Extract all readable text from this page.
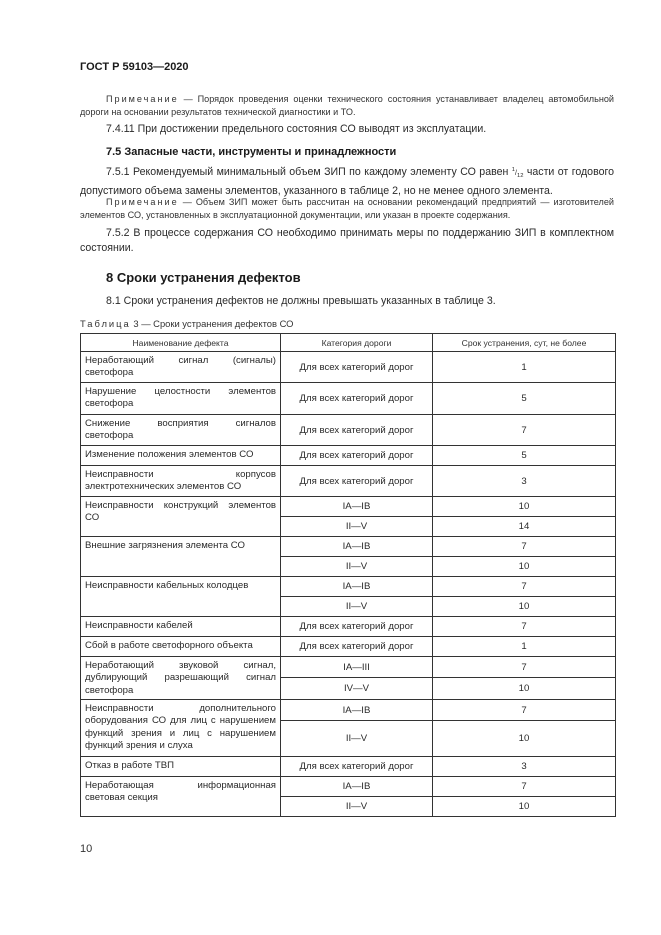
ГОСТ Р 59103—2020
Примечание — Порядок проведения оценки технического состояния устанавливает владелец автомобильной дороги на основании результатов технической диагностики и ТО.
7.4.11 При достижении предельного состояния СО выводят из эксплуатации.
7.5 Запасные части, инструменты и принадлежности
7.5.1 Рекомендуемый минимальный объем ЗИП по каждому элементу СО равен $^1/_{12}$ части от годового допустимого объема замены элементов, указанного в таблице 2, но не менее одного элемента.
Примечание — Объем ЗИП может быть рассчитан на основании рекомендаций предприятий — изготовителей элементов СО, установленных в эксплуатационной документации, или указан в проекте содержания.
7.5.2 В процессе содержания СО необходимо принимать меры по поддержанию ЗИП в комплектном состоянии.
8 Сроки устранения дефектов
8.1 Сроки устранения дефектов не должны превышать указанных в таблице 3.
Таблица 3 — Сроки устранения дефектов СО
Наименование дефекта	Категория дороги	Срок устранения, сут, не более
Неработающий сигнал (сигналы) светофора	Для всех категорий дорог	1
Нарушение целостности элементов светофора	Для всех категорий дорог	5
Снижение восприятия сигналов светофора	Для всех категорий дорог	7
Изменение положения элементов СО	Для всех категорий дорог	5
Неисправности корпусов электротехнических элементов СО	Для всех категорий дорог	3
Неисправности конструкций элементов СО	IA—IB	10
	II—V	14
Внешние загрязнения элемента СО	IA—IB	7
	II—V	10
Неисправности кабельных колодцев	IA—IB	7
	II—V	10
Неисправности кабелей	Для всех категорий дорог	7
Сбой в работе светофорного объекта	Для всех категорий дорог	1
Неработающий звуковой сигнал, дублирующий разрешающий сигнал светофора	IA—III	7
	IV—V	10
Неисправности дополнительного оборудования СО для лиц с нарушением функций зрения и лиц с нарушением функций зрения и слуха	IA—IB	7
	II—V	10
Отказ в работе ТВП	Для всех категорий дорог	3
Неработающая информационная световая секция	IA—IB	7
	II—V	10
10
